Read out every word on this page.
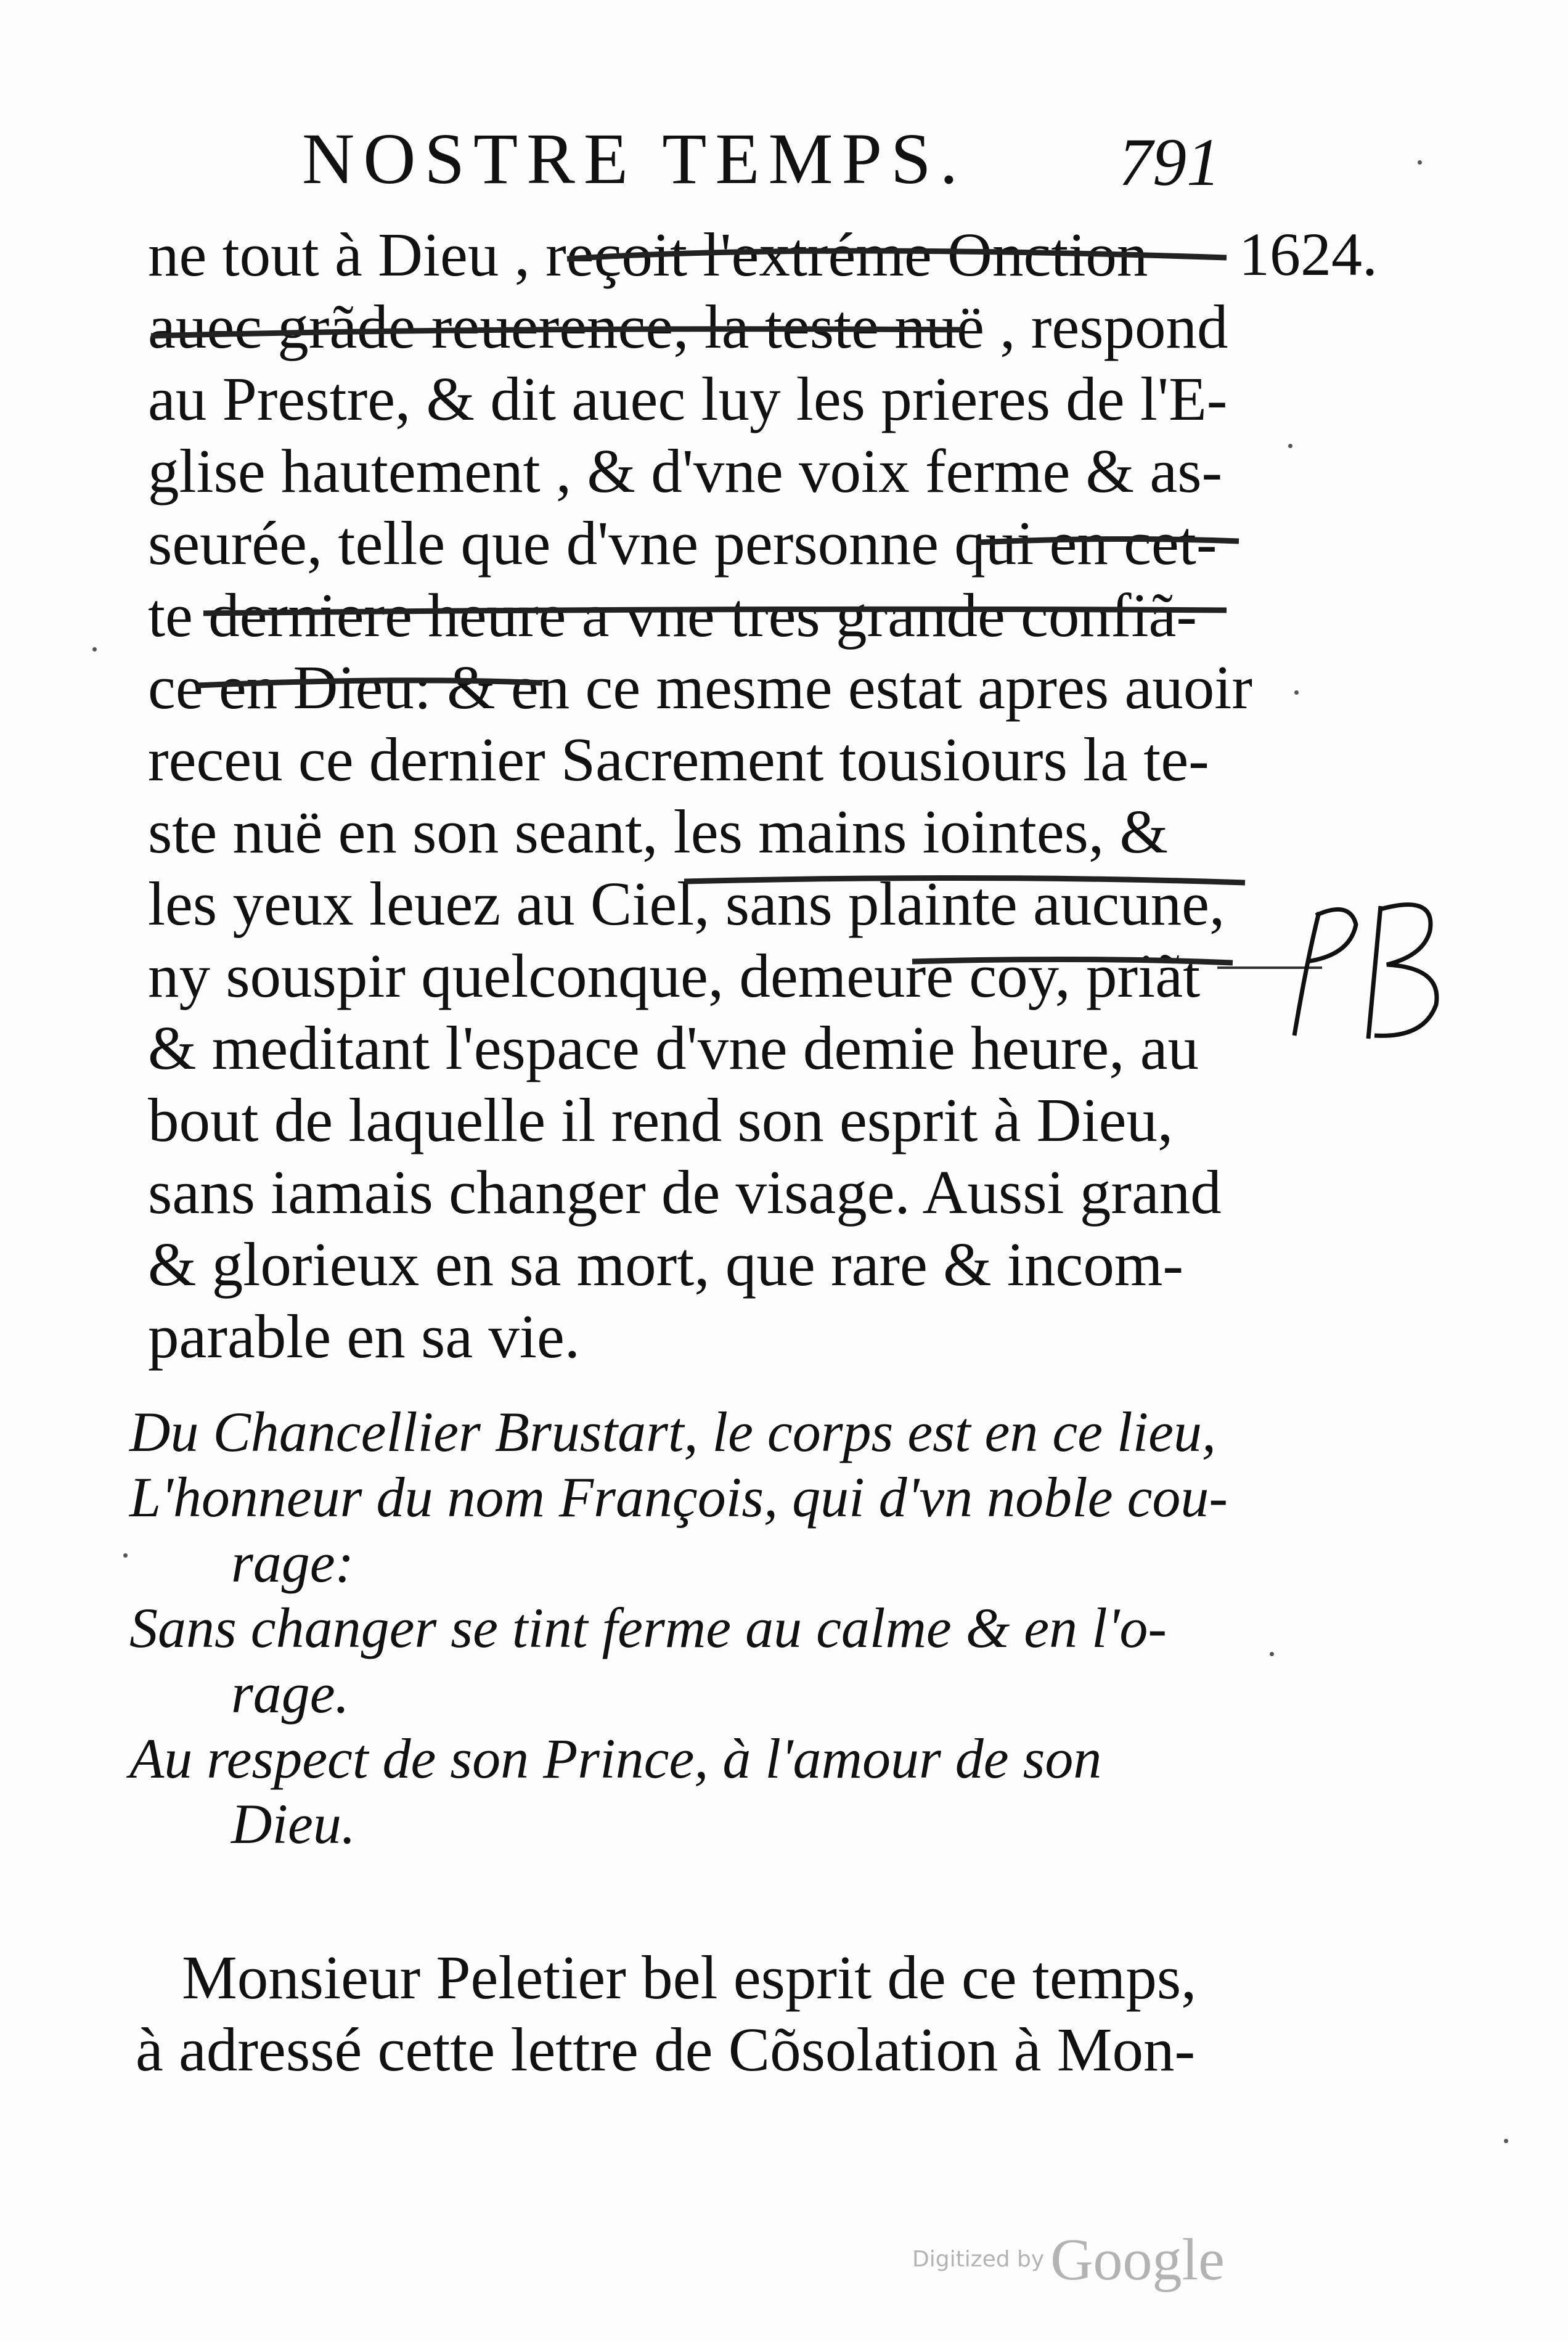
NOSTRE TEMPS. 791
1624.
ne tout à Dieu , reçoit l'extréme Onction
auec grãde reuerence, la teste nuë , respond
au Prestre, & dit auec luy les prieres de l'E-
glise hautement , & d'vne voix ferme & as-
seurée, telle que d'vne personne qui en cet-
te derniere heure a vne tres grande confiã-
ce en Dieu: & en ce mesme estat apres auoir
receu ce dernier Sacrement tousiours la te-
ste nuë en son seant, les mains iointes, &
les yeux leuez au Ciel, sans plainte aucune,
ny souspir quelconque, demeure coy, priãt
& meditant l'espace d'vne demie heure, au
bout de laquelle il rend son esprit à Dieu,
sans iamais changer de visage. Aussi grand
& glorieux en sa mort, que rare & incom-
parable en sa vie.
Du Chancellier Brustart, le corps est en ce lieu,
L'honneur du nom François, qui d'vn noble cou-
rage:
Sans changer se tint ferme au calme & en l'o-
rage.
Au respect de son Prince, à l'amour de son
Dieu.
Monsieur Peletier bel esprit de ce temps,
à adressé cette lettre de Cõsolation à Mon-
Digitized by Google
